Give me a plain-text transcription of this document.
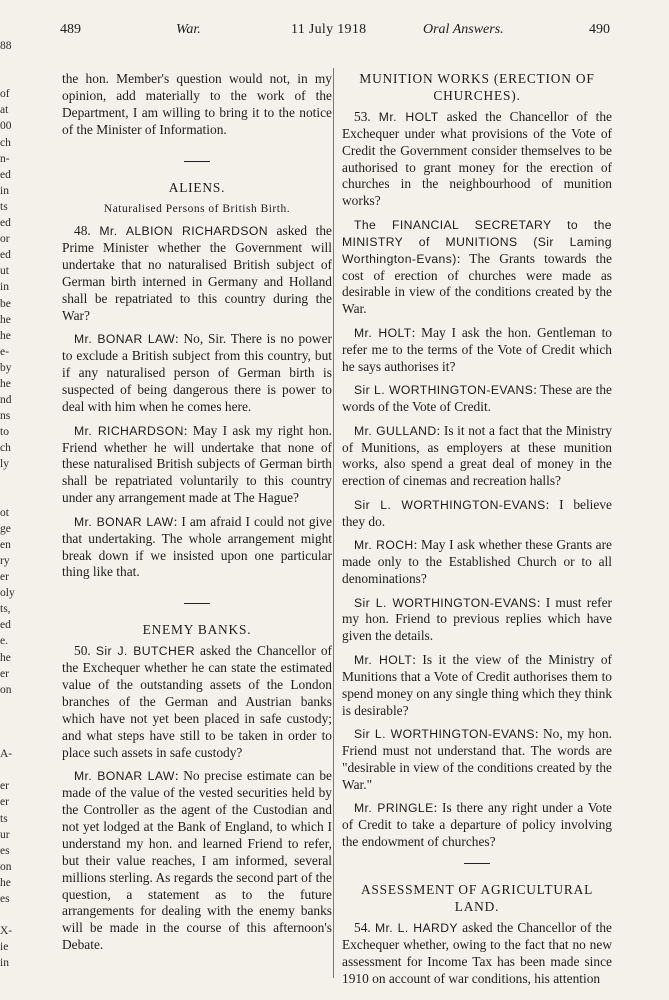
88
of
at
00
ch
n-
ed
in
ts
ed
or
ed
ut
in
be
he
he
e-
by
he
nd
ns
to
ch
ly
ot
ge
en
ry
er
oly
ts,
ed
e.
he
er
on
A-
er
er
ts
ur
es
on
he
es
X-
ie
in
489	War.	11 July 1918	Oral Answers.	490

the hon. Member's question would not, in my opinion, add materially to the work of the Department, I am willing to bring it to the notice of the Minister of Information.

ALIENS.
Naturalised Persons of British Birth.

48. Mr. ALBION RICHARDSON asked the Prime Minister whether the Government will undertake that no naturalised British subject of German birth interned in Germany and Holland shall be repatriated to this country during the War?

Mr. BONAR LAW: No, Sir. There is no power to exclude a British subject from this country, but if any naturalised person of German birth is suspected of being dangerous there is power to deal with him when he comes here.

Mr. RICHARDSON: May I ask my right hon. Friend whether he will undertake that none of these naturalised British subjects of German birth shall be repatriated voluntarily to this country under any arrangement made at The Hague?

Mr. BONAR LAW: I am afraid I could not give that undertaking. The whole arrangement might break down if we insisted upon one particular thing like that.

ENEMY BANKS.

50. Sir J. BUTCHER asked the Chancellor of the Exchequer whether he can state the estimated value of the outstanding assets of the London branches of the German and Austrian banks which have not yet been placed in safe custody; and what steps have still to be taken in order to place such assets in safe custody?

Mr. BONAR LAW: No precise estimate can be made of the value of the vested securities held by the Controller as the agent of the Custodian and not yet lodged at the Bank of England, to which I understand my hon. and learned Friend to refer, but their value reaches, I am informed, several millions sterling. As regards the second part of the question, a statement as to the future arrangements for dealing with the enemy banks will be made in the course of this afternoon's Debate.

MUNITION WORKS (ERECTION OF CHURCHES).

53. Mr. HOLT asked the Chancellor of the Exchequer under what provisions of the Vote of Credit the Government consider themselves to be authorised to grant money for the erection of churches in the neighbourhood of munition works?

The FINANCIAL SECRETARY to the MINISTRY of MUNITIONS (Sir Laming Worthington-Evans): The Grants towards the cost of erection of churches were made as desirable in view of the conditions created by the War.

Mr. HOLT: May I ask the hon. Gentleman to refer me to the terms of the Vote of Credit which he says authorises it?

Sir L. WORTHINGTON-EVANS: These are the words of the Vote of Credit.

Mr. GULLAND: Is it not a fact that the Ministry of Munitions, as employers at these munition works, also spend a great deal of money in the erection of cinemas and recreation halls?

Sir L. WORTHINGTON-EVANS: I believe they do.

Mr. ROCH: May I ask whether these Grants are made only to the Established Church or to all denominations?

Sir L. WORTHINGTON-EVANS: I must refer my hon. Friend to previous replies which have given the details.

Mr. HOLT: Is it the view of the Ministry of Munitions that a Vote of Credit authorises them to spend money on any single thing which they think is desirable?

Sir L. WORTHINGTON-EVANS: No, my hon. Friend must not understand that. The words are "desirable in view of the conditions created by the War."

Mr. PRINGLE: Is there any right under a Vote of Credit to take a departure of policy involving the endowment of churches?

ASSESSMENT OF AGRICULTURAL LAND.

54. Mr. L. HARDY asked the Chancellor of the Exchequer whether, owing to the fact that no new assessment for Income Tax has been made since 1910 on account of war conditions, his attention
